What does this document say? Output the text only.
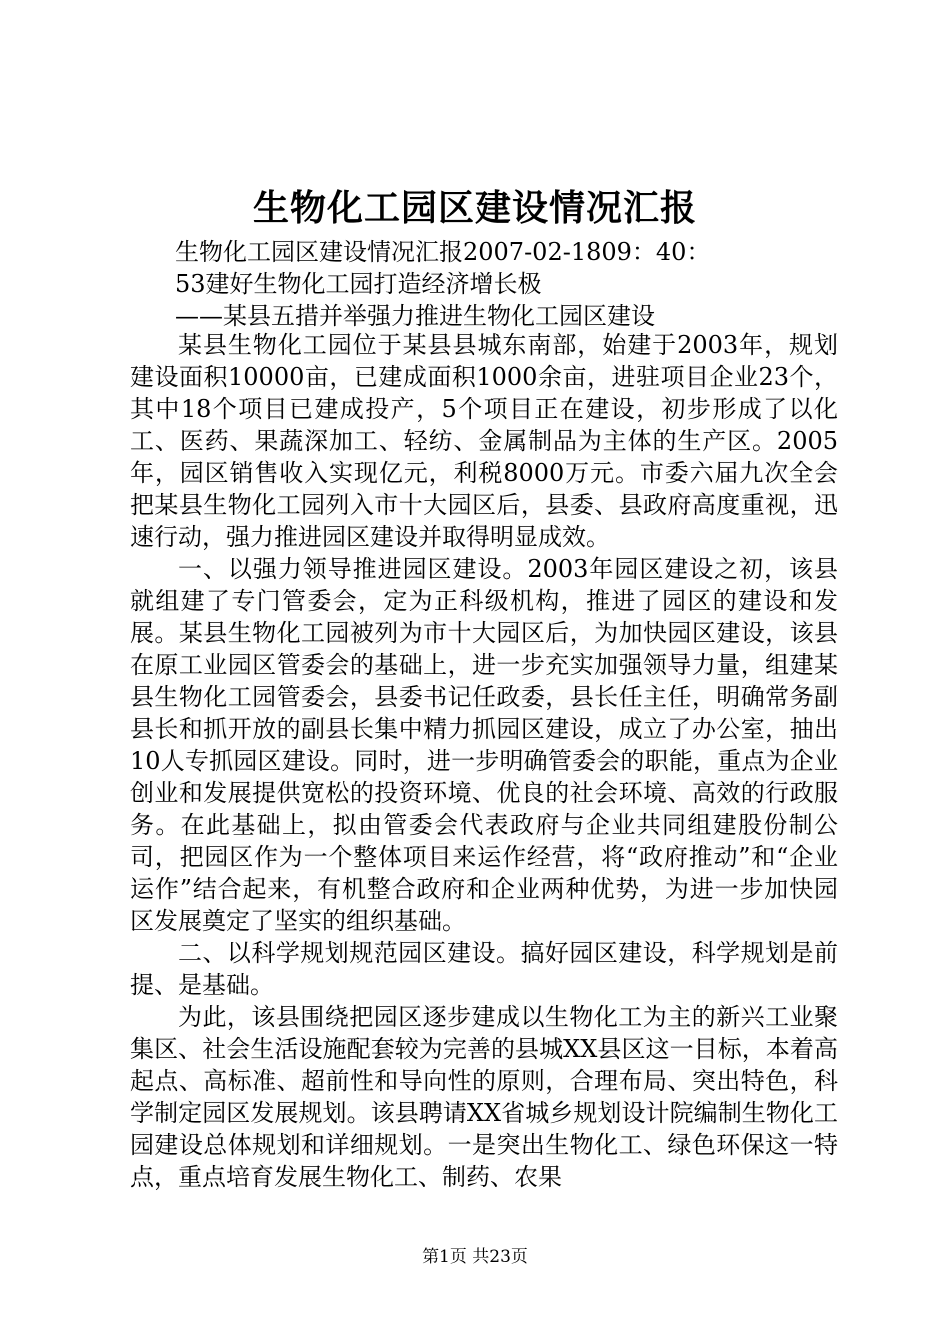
生物化工园区建设情况汇报
生物化工园区建设情况汇报2007-02-1809：40：
53建好生物化工园打造经济增长极
——某县五措并举强力推进生物化工园区建设

某县生物化工园位于某县县城东南部，始建于2003年，规划建设面积10000亩，已建成面积1000余亩，进驻项目企业23个，其中18个项目已建成投产，5个项目正在建设，初步形成了以化工、医药、果蔬深加工、轻纺、金属制品为主体的生产区。2005年，园区销售收入实现亿元，利税8000万元。市委六届九次全会把某县生物化工园列入市十大园区后，县委、县政府高度重视，迅速行动，强力推进园区建设并取得明显成效。

一、以强力领导推进园区建设。2003年园区建设之初，该县就组建了专门管委会，定为正科级机构，推进了园区的建设和发展。某县生物化工园被列为市十大园区后，为加快园区建设，该县在原工业园区管委会的基础上，进一步充实加强领导力量，组建某县生物化工园管委会，县委书记任政委，县长任主任，明确常务副县长和抓开放的副县长集中精力抓园区建设，成立了办公室，抽出10人专抓园区建设。同时，进一步明确管委会的职能，重点为企业创业和发展提供宽松的投资环境、优良的社会环境、高效的行政服务。在此基础上，拟由管委会代表政府与企业共同组建股份制公司，把园区作为一个整体项目来运作经营，将“政府推动”和“企业运作”结合起来，有机整合政府和企业两种优势，为进一步加快园区发展奠定了坚实的组织基础。

二、以科学规划规范园区建设。搞好园区建设，科学规划是前提、是基础。

为此，该县围绕把园区逐步建成以生物化工为主的新兴工业聚集区、社会生活设施配套较为完善的县城XX县区这一目标，本着高起点、高标准、超前性和导向性的原则，合理布局、突出特色，科学制定园区发展规划。该县聘请XX省城乡规划设计院编制生物化工园建设总体规划和详细规划。一是突出生物化工、绿色环保这一特点，重点培育发展生物化工、制药、农果

第1页 共23页
